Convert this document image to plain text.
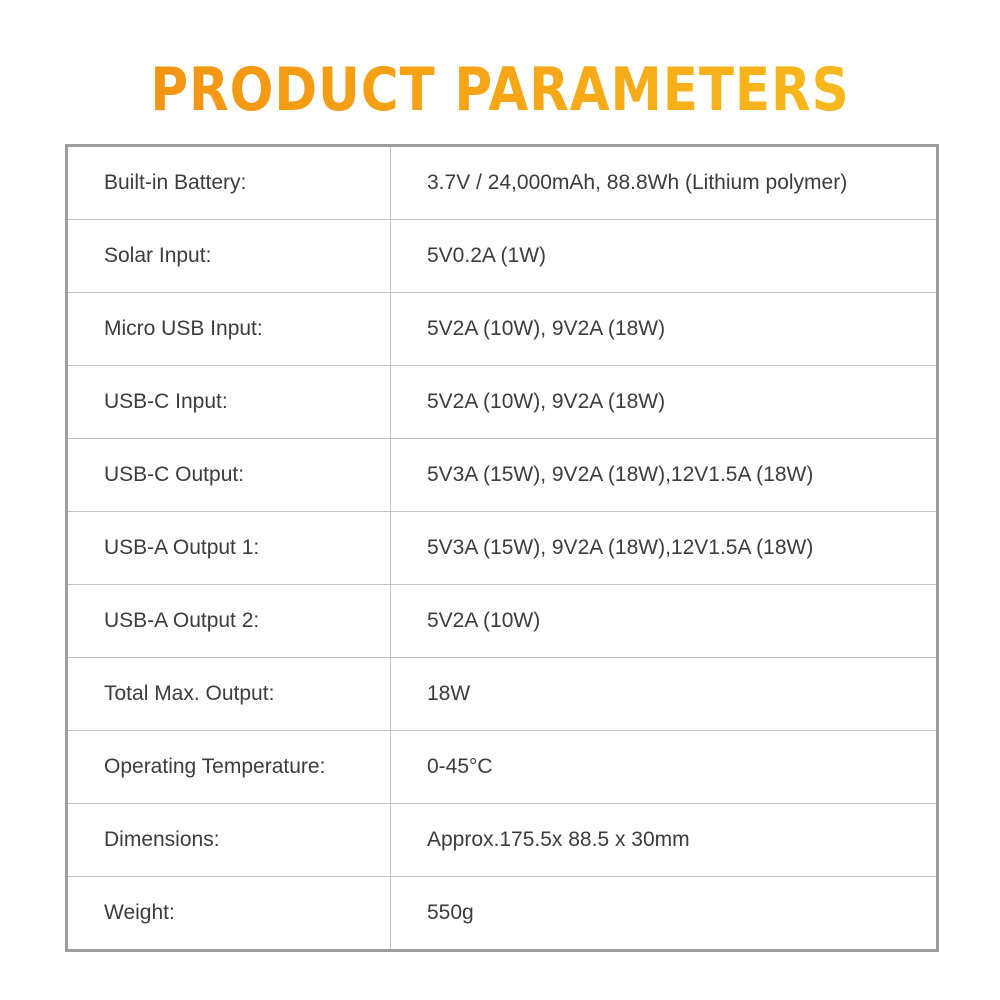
PRODUCT PARAMETERS
Built-in Battery:	3.7V / 24,000mAh, 88.8Wh (Lithium polymer)
Solar Input:	5V0.2A (1W)
Micro USB Input:	5V2A (10W), 9V2A (18W)
USB-C Input:	5V2A (10W), 9V2A (18W)
USB-C Output:	5V3A (15W), 9V2A (18W),12V1.5A (18W)
USB-A Output 1:	5V3A (15W), 9V2A (18W),12V1.5A (18W)
USB-A Output 2:	5V2A (10W)
Total Max. Output:	18W
Operating Temperature:	0-45°C
Dimensions:	Approx.175.5x 88.5 x 30mm
Weight:	550g
